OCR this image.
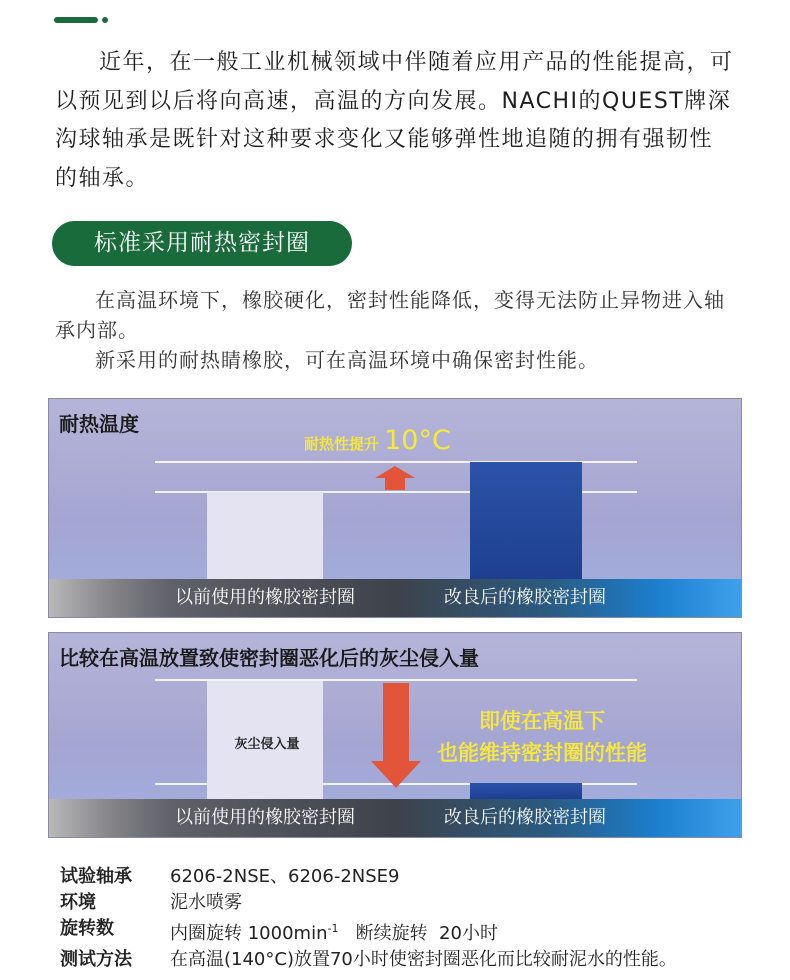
近年，在一般工业机械领域中伴随着应用产品的性能提高，可以预见到以后将向高速，高温的方向发展。NACHI的QUEST牌深沟球轴承是既针对这种要求变化又能够弹性地追随的拥有强韧性的轴承。

标准采用耐热密封圈

在高温环境下，橡胶硬化，密封性能降低，变得无法防止异物进入轴承内部。

新采用的耐热睛橡胶，可在高温环境中确保密封性能。

耐热温度
耐热性提升 10°C
以前使用的橡胶密封圈	改良后的橡胶密封圈
比较在高温放置致使密封圈恶化后的灰尘侵入量
灰尘侵入量
即使在高温下
也能维持密封圈的性能
以前使用的橡胶密封圈	改良后的橡胶密封圈
试验轴承	6206-2NSE、6206-2NSE9
环境	泥水喷雾
旋转数	内圈旋转 $1000\min^{-1}$   断续旋转  20小时
测试方法	在高温(140°C)放置70小时使密封圈恶化而比较耐泥水的性能。
